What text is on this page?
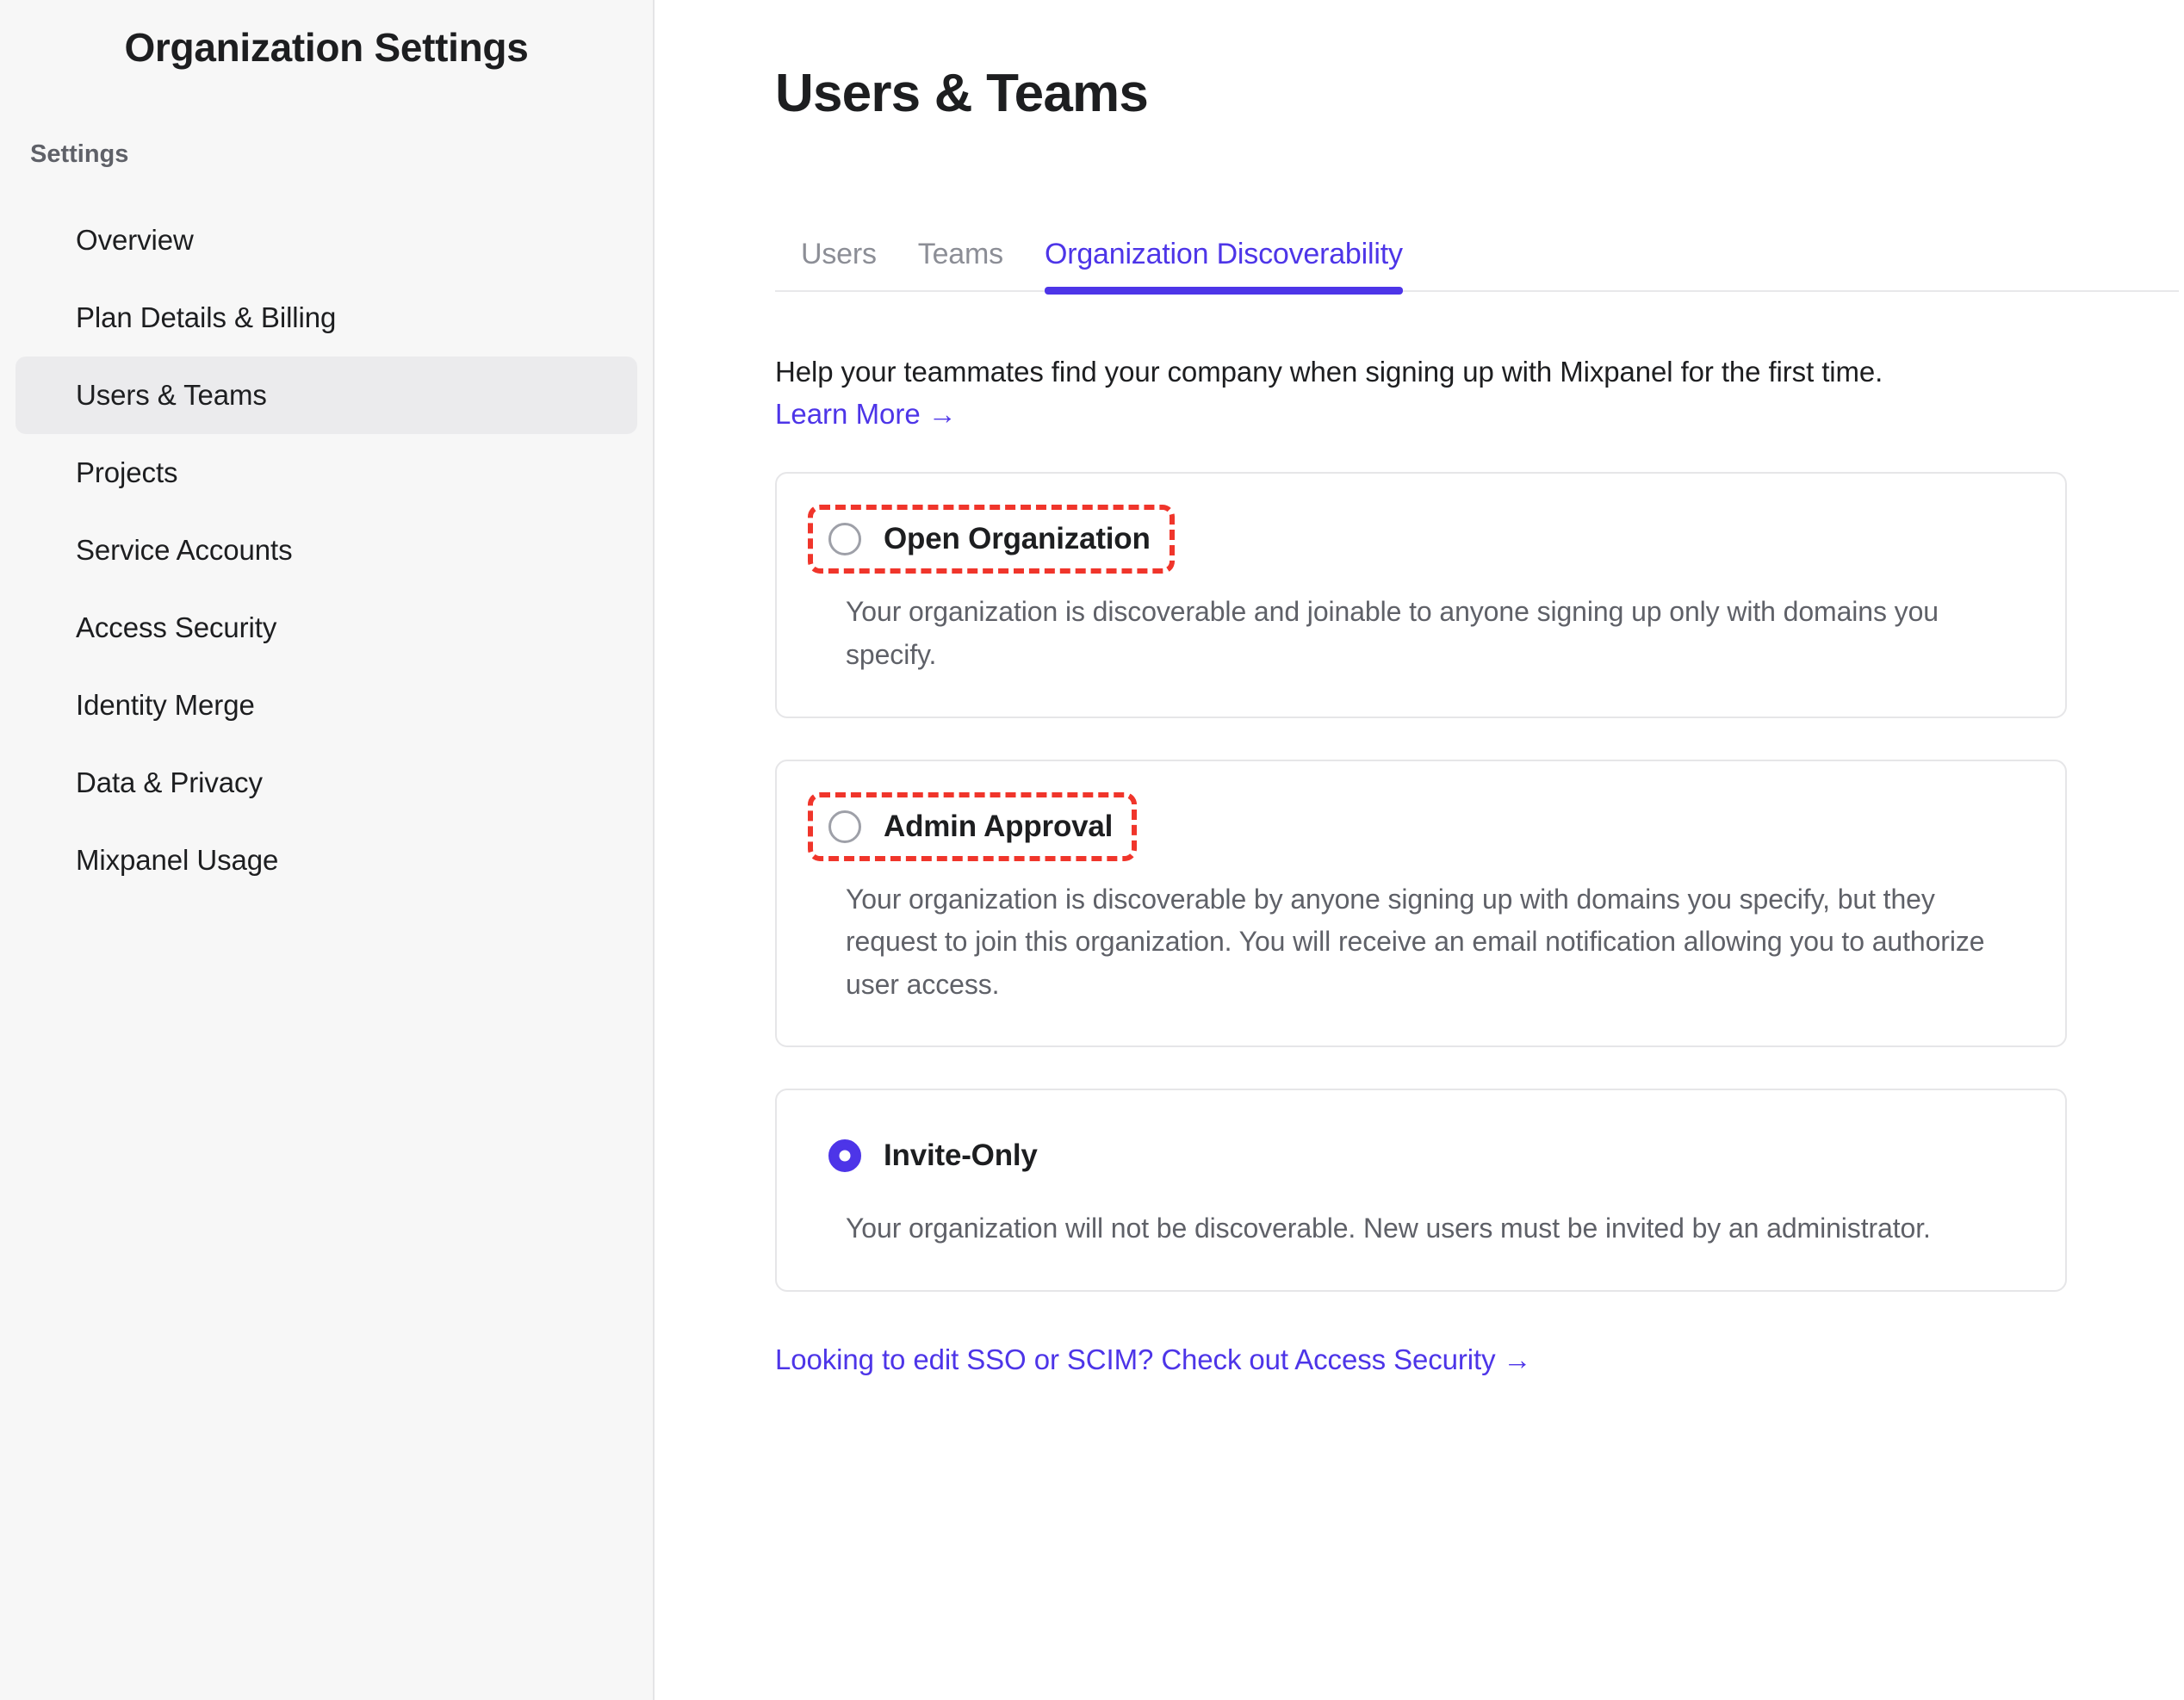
Organization Settings
Settings
Overview
Plan Details & Billing
Users & Teams
Projects
Service Accounts
Access Security
Identity Merge
Data & Privacy
Mixpanel Usage
Users & Teams
Users	Teams	Organization Discoverability
Help your teammates find your company when signing up with Mixpanel for the first time.
Learn More →
Open Organization
Your organization is discoverable and joinable to anyone signing up only with domains you specify.
Admin Approval
Your organization is discoverable by anyone signing up with domains you specify, but they request to join this organization. You will receive an email notification allowing you to authorize user access.
Invite-Only
Your organization will not be discoverable. New users must be invited by an administrator.
Looking to edit SSO or SCIM? Check out Access Security →
